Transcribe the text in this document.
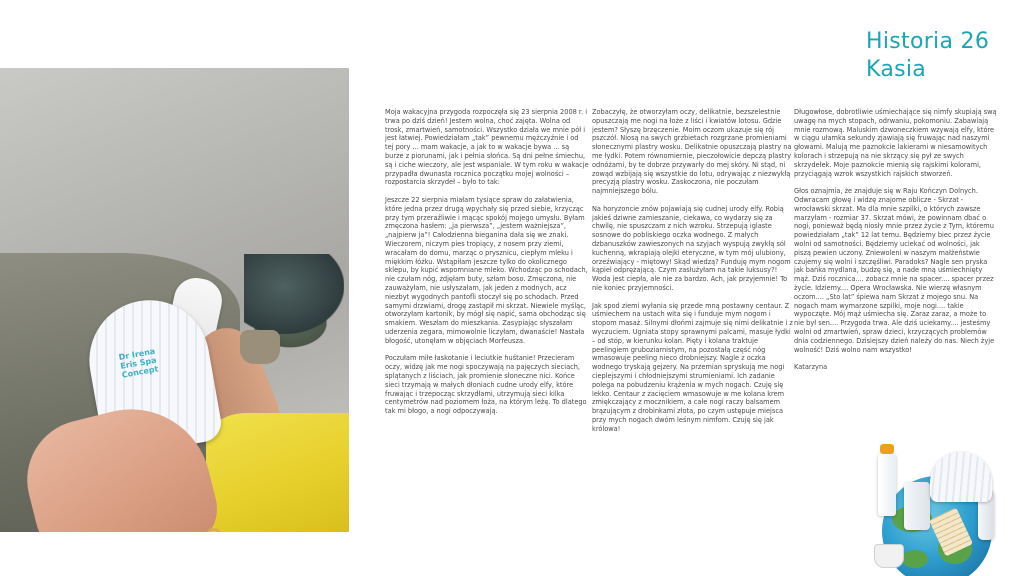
Historia 26
Kasia
Dr Irena Eris Spa Concept

Moja wakacyjna przygoda rozpoczęła się 23 sierpnia 2008 r. i trwa po dziś dzień! Jestem wolna, choć zajęta. Wolna od trosk, zmartwień, samotności. Wszystko działa we mnie pół i jest łatwiej. Powiedziałam „tak” pewnemu mężczyźnie i od tej pory ... mam wakacje, a jak to w wakacje bywa ... są burze z piorunami, jak i pełnia słońca. Są dni pełne śmiechu, są i ciche wieczory, ale jest wspaniale. W tym roku w wakacje przypadła dwunasta rocznica początku mojej wolności – rozpostarcia skrzydeł – było to tak:

Jeszcze 22 sierpnia miałam tysiące spraw do załatwienia, które jedna przez drugą wpychały się przed siebie, krzycząc przy tym przeraźliwie i mącąc spokój mojego umysłu. Byłam zmęczona hasłem: „ja pierwsza”, „jestem ważniejsza”, „najpierw ja”! Całodzienna bieganina dała się we znaki. Wieczorem, niczym pies tropiący, z nosem przy ziemi, wracałam do domu, marząc o prysznicu, ciepłym mleku i miękkim łóżku. Wstąpiłam jeszcze tylko do okolicznego sklepu, by kupić wspomniane mleko. Wchodząc po schodach, nie czułam nóg, zdjęłam buty, szłam boso. Zmęczona, nie zauważyłam, nie usłyszałam, jak jeden z modnych, acz niezbyt wygodnych pantofli stoczył się po schodach. Przed samymi drzwiami, drogę zastąpił mi skrzat. Niewiele myśląc, otworzyłam kartonik, by mógł się napić, sama obchodząc się smakiem. Weszłam do mieszkania. Zasypiając słyszałam uderzenia zegara, mimowolnie liczyłam, dwanaście! Nastała błogość, utonęłam w objęciach Morfeusza.

Poczułam miłe łaskotanie i leciutkie huśtanie! Przecieram oczy, widzę jak me nogi spoczywają na pajęczych sieciach, splątanych z liściach, jak promienie słoneczne nici. Końce sieci trzymają w małych dłoniach cudne urody elfy, które fruwając i trzepocząc skrzydłami, utrzymują sieci kilka centymetrów nad poziomem łoża, na którym leżę. To dlatego tak mi błogo, a nogi odpoczywają.

Zobaczyłę, że otworzyłam oczy, delikatnie, bezszelestnie opuszczają me nogi na łoże z liści i kwiatów lotosu. Gdzie jestem? Słyszę brzęczenie. Moim oczom ukazuje się rój pszczół. Niosą na swych grzbietach rozgrzane promieniami słonecznymi plastry wosku. Delikatnie opuszczają plastry na me łydki. Potem równomiernie, pieczołowicie depczą plastry odnóżami, by te dobrze przywarły do mej skóry. Ni stąd, ni zowąd wzbijają się wszystkie do lotu, odrywając z niezwykłą precyzją plastry wosku. Zaskoczona, nie poczułam najmniejszego bólu.

Na horyzoncie znów pojawiają się cudnej urody elfy. Robią jakieś dziwne zamieszanie, ciekawa, co wydarzy się za chwilę, nie spuszczam z nich wzroku. Strzepują iglaste sosnowe do pobliskiego oczka wodnego. Z małych dzbanuszków zawieszonych na szyjach wyspują zwykłą sól kuchenną, wkrapiają olejki eteryczne, w tym mój ulubiony, orzeźwiający - miętowy! Skąd wiedzą? Funduję mym nogom kąpiel odprężającą. Czym zasłużyłam na takie luksusy?! Woda jest ciepła, ale nie za bardzo. Ach, jak przyjemnie! To nie koniec przyjemności.

Jak spod ziemi wyłania się przede mną postawny centaur. Z uśmiechem na ustach wita się i funduje mym nogom i stopom masaż. Silnymi dłońmi zajmuje się nimi delikatnie i z wyczuciem. Ugniata stopy sprawnymi palcami, masuje łydki – od stóp, w kierunku kolan. Pięty i kolana traktuje peelingiem gruboziarnistym, na pozostałą część nóg wmasowuje peeling nieco drobniejszy. Nagle z oczka wodnego tryskają gejzery. Na przemian spryskują me nogi cieplejszymi i chłodniejszymi strumieniami. Ich zadanie polega na pobudzeniu krążenia w mych nogach. Czuję się lekko. Centaur z zacięciem wmasowuje w me kolana krem zmiękczający z mocznikiem, a całe nogi raczy balsamem brązującym z drobinkami złota, po czym ustępuje miejsca przy mych nogach dwóm leśnym nimfom. Czuję się jak królowa!

Długowłose, dobrotliwie uśmiechające się nimfy skupiają swą uwagę na mych stopach, odrwaniu, pokomoniu. Zabawiają mnie rozmową. Maluskim dzwoneczkiem wzywają elfy, które w ciągu ułamka sekundy zjawiają się fruwając nad naszymi głowami. Malują me paznokcie lakierami w niesamowitych kolorach i strzepują na nie skrzący się pył ze swych skrzydełek. Moje paznokcie mienią się rajskimi kolorami, przyciągają wzrok wszystkich rajskich stworzeń.

Głos oznajmia, że znajduje się w Raju Kończyn Dolnych. Odwracam głowę i widzę znajome oblicze - Skrzat - wrocławski skrzat. Ma dla mnie szpilki, o których zawsze marzyłam - rozmiar 37. Skrzat mówi, że powinnam dbać o nogi, ponieważ będą niosły mnie przez życie z Tym, któremu powiedziałam „tak” 12 lat temu. Będziemy biec przez życie wolni od samotności. Będziemy uciekać od wolności, jak piszą pewien uczony. Zniewoleni w naszym małżeństwie czujemy się wolni i szczęśliwi. Paradoks? Nagle sen pryska jak bańka mydlana, budzę się, a nade mną uśmiechnięty mąż. Dziś rocznica.... zobacz mnie na spacer.... spacer przez życie. Idziemy.... Opera Wrocławska. Nie wierzę własnym oczom.... „Sto lat” śpiewa nam Skrzat z mojego snu. Na nogach mam wymarzone szpilki, moje nogi.... takie wypoczęte. Mój mąż uśmiecha się. Zaraz zaraz, a może to nie był sen.... Przygoda trwa. Ale dziś uciekamy.... jesteśmy wolni od zmartwień, spraw dzieci, krzyczących problemów dnia codziennego. Dzisiejszy dzień należy do nas. Niech żyje wolność! Dziś wolno nam wszystko!

Katarzyna
